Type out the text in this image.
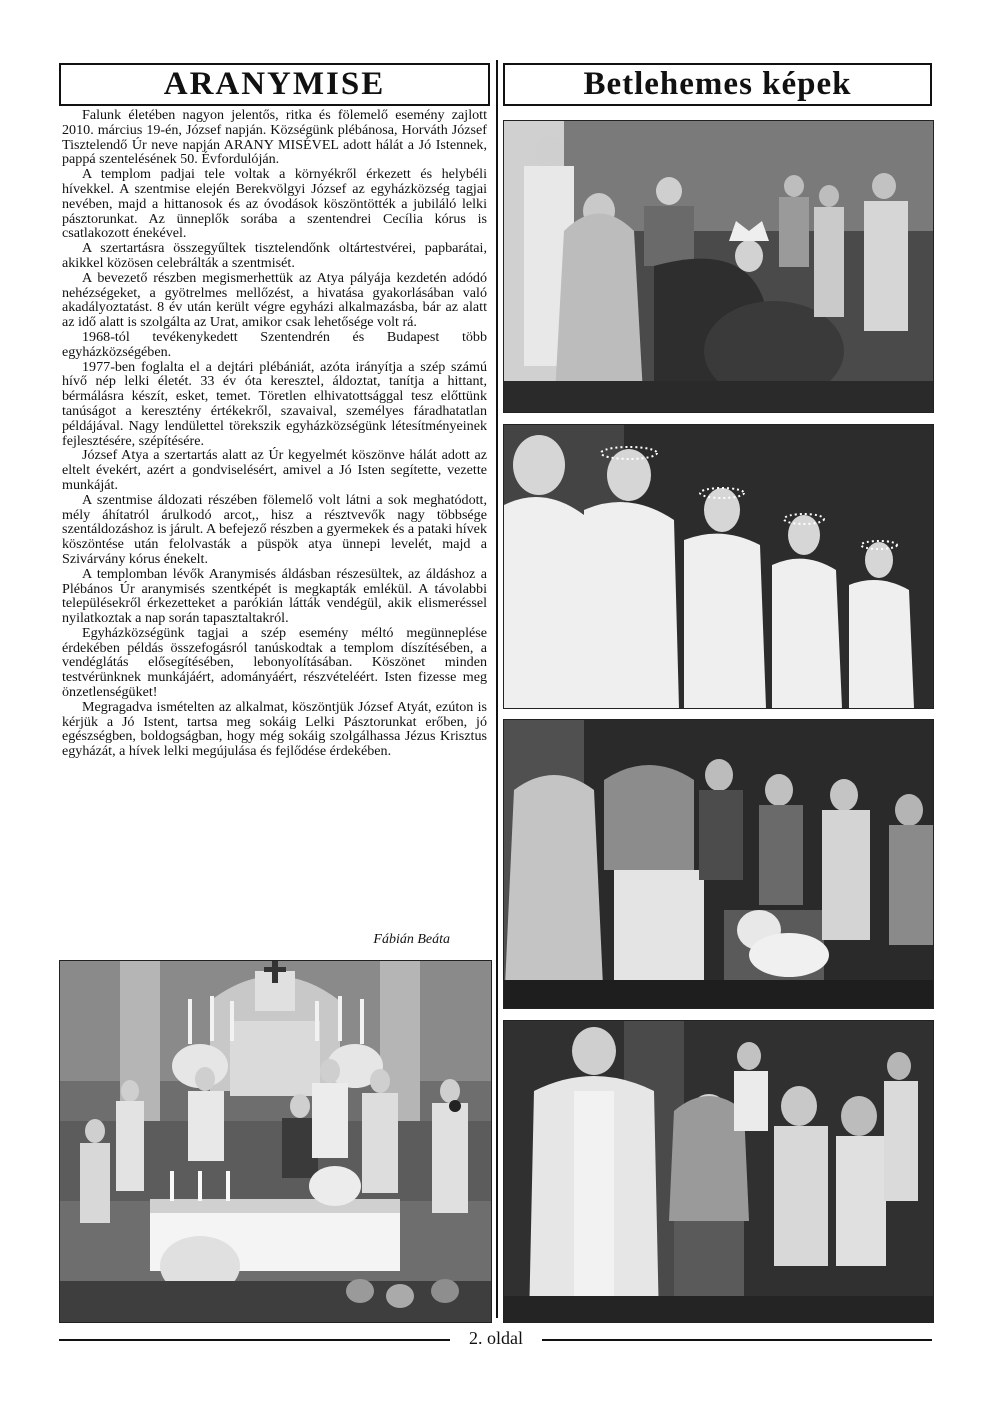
ARANYMISE	Betlehemes képek

Falunk életében nagyon jelentős, ritka és fölemelő esemény zajlott 2010. március 19-én, József napján. Községünk plébánosa, Horváth József Tisztelendő Úr neve napján ARANY MISÉVEL adott hálát a Jó Istennek, pappá szentelésének 50. Évfordulóján.

A templom padjai tele voltak a környékről érkezett és helybéli hívekkel. A szentmise elején Berekvölgyi József az egyházközség tagjai nevében, majd a hittanosok és az óvodások köszöntötték a jubiláló lelki pásztorunkat. Az ünneplők sorába a szentendrei Cecília kórus is csatlakozott énekével.

A szertartásra összegyűltek tisztelendőnk oltártestvérei, papbarátai, akikkel közösen celebrálták a szentmisét.

A bevezető részben megismerhettük az Atya pályája kezdetén adódó nehézségeket, a gyötrelmes mellőzést, a hivatása gyakorlásában való akadályoztatást. 8 év után került végre egyházi alkalmazásba, bár az alatt az idő alatt is szolgálta az Urat, amikor csak lehetősége volt rá.

1968-tól tevékenykedett Szentendrén és Budapest több egyházközségében.

1977-ben foglalta el a dejtári plébániát, azóta irányítja a szép számú hívő nép lelki életét. 33 év óta keresztel, áldoztat, tanítja a hittant, bérmálásra készít, esket, temet. Töretlen elhivatottsággal tesz előttünk tanúságot a keresztény értékekről, szavaival, személyes fáradhatatlan példájával. Nagy lendülettel törekszik egyházközségünk létesítményeinek fejlesztésére, szépítésére.

József Atya a szertartás alatt az Úr kegyelmét köszönve hálát adott az eltelt évekért, azért a gondviselésért, amivel a Jó Isten segítette, vezette munkáját.

A szentmise áldozati részében fölemelő volt látni a sok meghatódott, mély áhítatról árulkodó arcot,, hisz a résztvevők nagy többsége szentáldozáshoz is járult. A befejező részben a gyermekek és a pataki hívek köszöntése után felolvasták a püspök atya ünnepi levelét, majd a Szivárvány kórus énekelt.

A templomban lévők Aranymisés áldásban részesültek, az áldáshoz a Plébános Úr aranymisés szentképét is megkapták emlékül. A távolabbi településekről érkezetteket a parókián látták vendégül, akik elismeréssel nyilatkoztak a nap során tapasztaltakról.

Egyházközségünk tagjai a szép esemény méltó megünneplése érdekében példás összefogásról tanúskodtak a templom díszítésében, a vendéglátás elősegítésében, lebonyolításában. Köszönet minden testvérünknek munkájáért, adományáért, részvételéért. Isten fizesse meg önzetlenségüket!

Megragadva ismételten az alkalmat, köszöntjük József Atyát, ezúton is kérjük a Jó Istent, tartsa meg sokáig Lelki Pásztorunkat erőben, jó egészségben, boldogságban, hogy még sokáig szolgálhassa Jézus Krisztus egyházát, a hívek lelki megújulása és fejlődése érdekében.

Fábián Beáta
2. oldal
